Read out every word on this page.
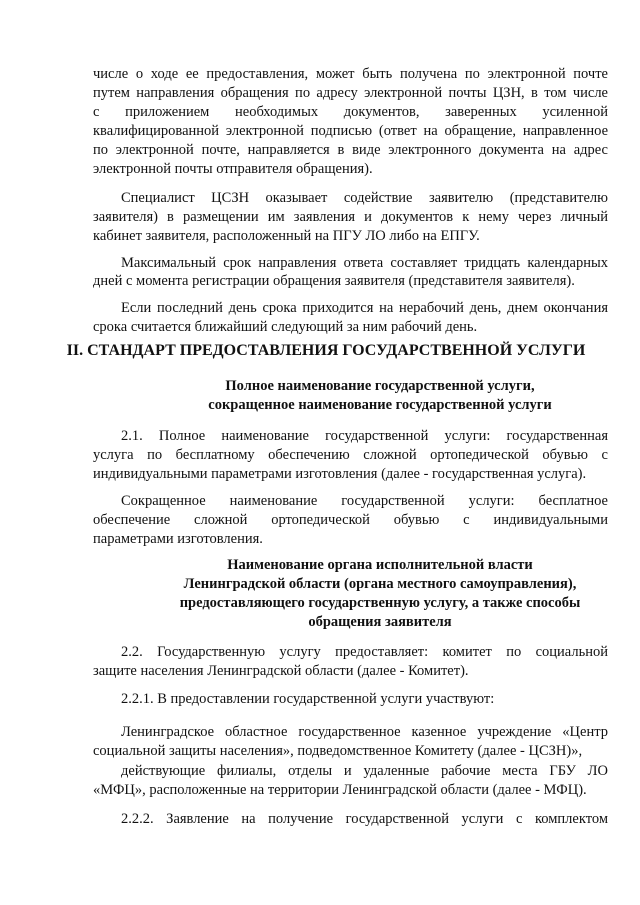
числе о ходе ее предоставления, может быть получена по электронной почте
путем направления обращения по адресу электронной почты ЦЗН, в том числе
с приложением необходимых документов, заверенных усиленной
квалифицированной электронной подписью (ответ на обращение, направленное
по электронной почте, направляется в виде электронного документа на адрес
электронной почты отправителя обращения).
Специалист ЦСЗН оказывает содействие заявителю (представителю
заявителя) в размещении им заявления и документов к нему через личный
кабинет заявителя, расположенный на ПГУ ЛО либо на ЕПГУ.
Максимальный срок направления ответа составляет тридцать календарных
дней с момента регистрации обращения заявителя (представителя заявителя).
Если последний день срока приходится на нерабочий день, днем окончания
срока считается ближайший следующий за ним рабочий день.
II. СТАНДАРТ ПРЕДОСТАВЛЕНИЯ ГОСУДАРСТВЕННОЙ УСЛУГИ
Полное наименование государственной услуги,
сокращенное наименование государственной услуги
2.1. Полное наименование государственной услуги: государственная
услуга по бесплатному обеспечению сложной ортопедической обувью с
индивидуальными параметрами изготовления (далее - государственная услуга).
Сокращенное наименование государственной услуги: бесплатное
обеспечение сложной ортопедической обувью с индивидуальными
параметрами изготовления.
Наименование органа исполнительной власти
Ленинградской области (органа местного самоуправления),
предоставляющего государственную услугу, а также способы
обращения заявителя
2.2. Государственную услугу предоставляет: комитет по социальной
защите населения Ленинградской области (далее - Комитет).
2.2.1. В предоставлении государственной услуги участвуют:
Ленинградское областное государственное казенное учреждение «Центр
социальной защиты населения», подведомственное Комитету (далее - ЦСЗН)»,
действующие филиалы, отделы и удаленные рабочие места ГБУ ЛО
«МФЦ», расположенные на территории Ленинградской области (далее - МФЦ).
2.2.2. Заявление на получение государственной услуги с комплектом
